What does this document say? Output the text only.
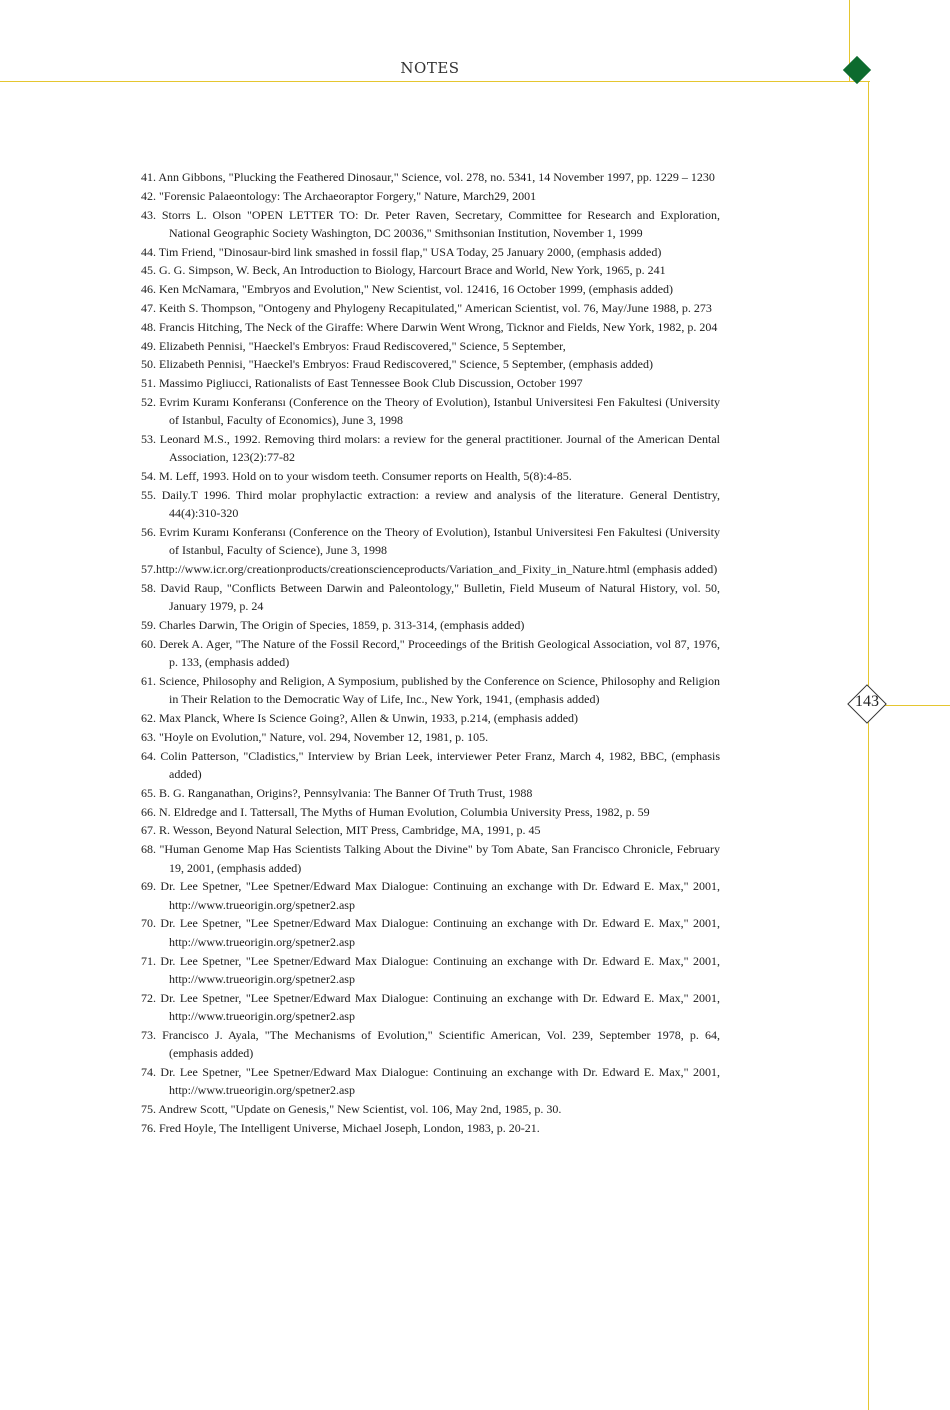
NOTES
143
41. Ann Gibbons, "Plucking the Feathered Dinosaur," Science, vol. 278, no. 5341, 14 November 1997, pp. 1229 – 1230
42. "Forensic Palaeontology: The Archaeoraptor Forgery," Nature, March29, 2001
43. Storrs L. Olson "OPEN LETTER TO: Dr. Peter Raven, Secretary, Committee for Research and Exploration, National Geographic Society Washington, DC 20036," Smithsonian Institution, November 1, 1999
44. Tim Friend, "Dinosaur-bird link smashed in fossil flap," USA Today, 25 January 2000, (emphasis added)
45. G. G. Simpson, W. Beck, An Introduction to Biology, Harcourt Brace and World, New York, 1965, p. 241
46. Ken McNamara, "Embryos and Evolution," New Scientist, vol. 12416, 16 October 1999, (emphasis added)
47. Keith S. Thompson, "Ontogeny and Phylogeny Recapitulated," American Scientist, vol. 76, May/June 1988, p. 273
48. Francis Hitching, The Neck of the Giraffe: Where Darwin Went Wrong, Ticknor and Fields, New York, 1982, p. 204
49. Elizabeth Pennisi, "Haeckel's Embryos: Fraud Rediscovered," Science, 5 September,
50. Elizabeth Pennisi, "Haeckel's Embryos: Fraud Rediscovered," Science, 5 September, (emphasis added)
51. Massimo Pigliucci, Rationalists of East Tennessee Book Club Discussion, October 1997
52. Evrim Kuramı Konferansı (Conference on the Theory of Evolution), Istanbul Universitesi Fen Fakultesi (University of Istanbul, Faculty of Economics), June 3, 1998
53. Leonard M.S., 1992. Removing third molars: a review for the general practitioner. Journal of the American Dental Association, 123(2):77-82
54. M. Leff, 1993. Hold on to your wisdom teeth. Consumer reports on Health, 5(8):4-85.
55. Daily.T 1996. Third molar prophylactic extraction: a review and analysis of the literature. General Dentistry, 44(4):310-320
56. Evrim Kuramı Konferansı (Conference on the Theory of Evolution), Istanbul Universitesi Fen Fakultesi (University of Istanbul, Faculty of Science), June 3, 1998
57.http://www.icr.org/creationproducts/creationscienceproducts/Variation_and_Fixity_in_Nature.html (emphasis added)
58. David Raup, "Conflicts Between Darwin and Paleontology," Bulletin, Field Museum of Natural History, vol. 50, January 1979, p. 24
59. Charles Darwin, The Origin of Species, 1859, p. 313-314, (emphasis added)
60. Derek A. Ager, "The Nature of the Fossil Record," Proceedings of the British Geological Association, vol 87, 1976, p. 133, (emphasis added)
61. Science, Philosophy and Religion, A Symposium, published by the Conference on Science, Philosophy and Religion in Their Relation to the Democratic Way of Life, Inc., New York, 1941, (emphasis added)
62. Max Planck, Where Is Science Going?, Allen & Unwin, 1933, p.214, (emphasis added)
63. "Hoyle on Evolution," Nature, vol. 294, November 12, 1981, p. 105.
64. Colin Patterson, "Cladistics," Interview by Brian Leek, interviewer Peter Franz, March 4, 1982, BBC, (emphasis added)
65. B. G. Ranganathan, Origins?, Pennsylvania: The Banner Of Truth Trust, 1988
66. N. Eldredge and I. Tattersall, The Myths of Human Evolution, Columbia University Press, 1982, p. 59
67. R. Wesson, Beyond Natural Selection, MIT Press, Cambridge, MA, 1991, p. 45
68. "Human Genome Map Has Scientists Talking About the Divine" by Tom Abate, San Francisco Chronicle, February 19, 2001, (emphasis added)
69. Dr. Lee Spetner, "Lee Spetner/Edward Max Dialogue: Continuing an exchange with Dr. Edward E. Max," 2001, http://www.trueorigin.org/spetner2.asp
70. Dr. Lee Spetner, "Lee Spetner/Edward Max Dialogue: Continuing an exchange with Dr. Edward E. Max," 2001, http://www.trueorigin.org/spetner2.asp
71. Dr. Lee Spetner, "Lee Spetner/Edward Max Dialogue: Continuing an exchange with Dr. Edward E. Max," 2001, http://www.trueorigin.org/spetner2.asp
72. Dr. Lee Spetner, "Lee Spetner/Edward Max Dialogue: Continuing an exchange with Dr. Edward E. Max," 2001, http://www.trueorigin.org/spetner2.asp
73. Francisco J. Ayala, "The Mechanisms of Evolution," Scientific American, Vol. 239, September 1978, p. 64, (emphasis added)
74. Dr. Lee Spetner, "Lee Spetner/Edward Max Dialogue: Continuing an exchange with Dr. Edward E. Max," 2001, http://www.trueorigin.org/spetner2.asp
75. Andrew Scott, "Update on Genesis," New Scientist, vol. 106, May 2nd, 1985, p. 30.
76. Fred Hoyle, The Intelligent Universe, Michael Joseph, London, 1983, p. 20-21.
